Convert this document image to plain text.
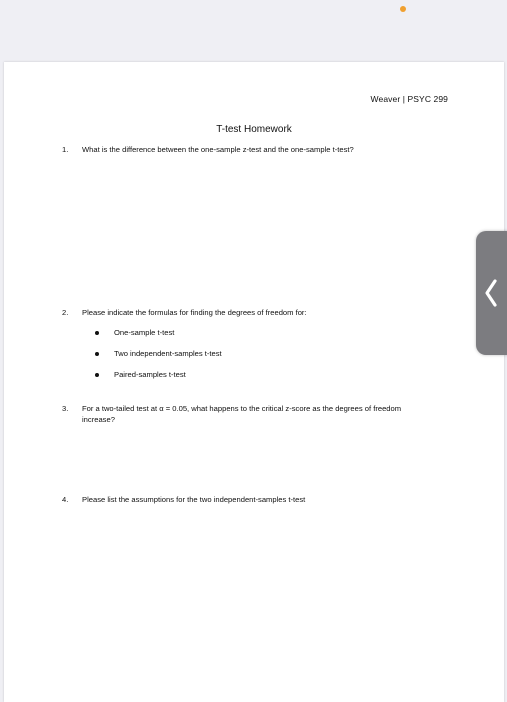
Weaver | PSYC 299
T-test Homework
1. What is the difference between the one-sample z-test and the one-sample t-test?
2. Please indicate the formulas for finding the degrees of freedom for:
One-sample t-test
Two independent-samples t-test
Paired-samples t-test
3. For a two-tailed test at α = 0.05, what happens to the critical z-score as the degrees of freedom increase?
4. Please list the assumptions for the two independent-samples t-test
